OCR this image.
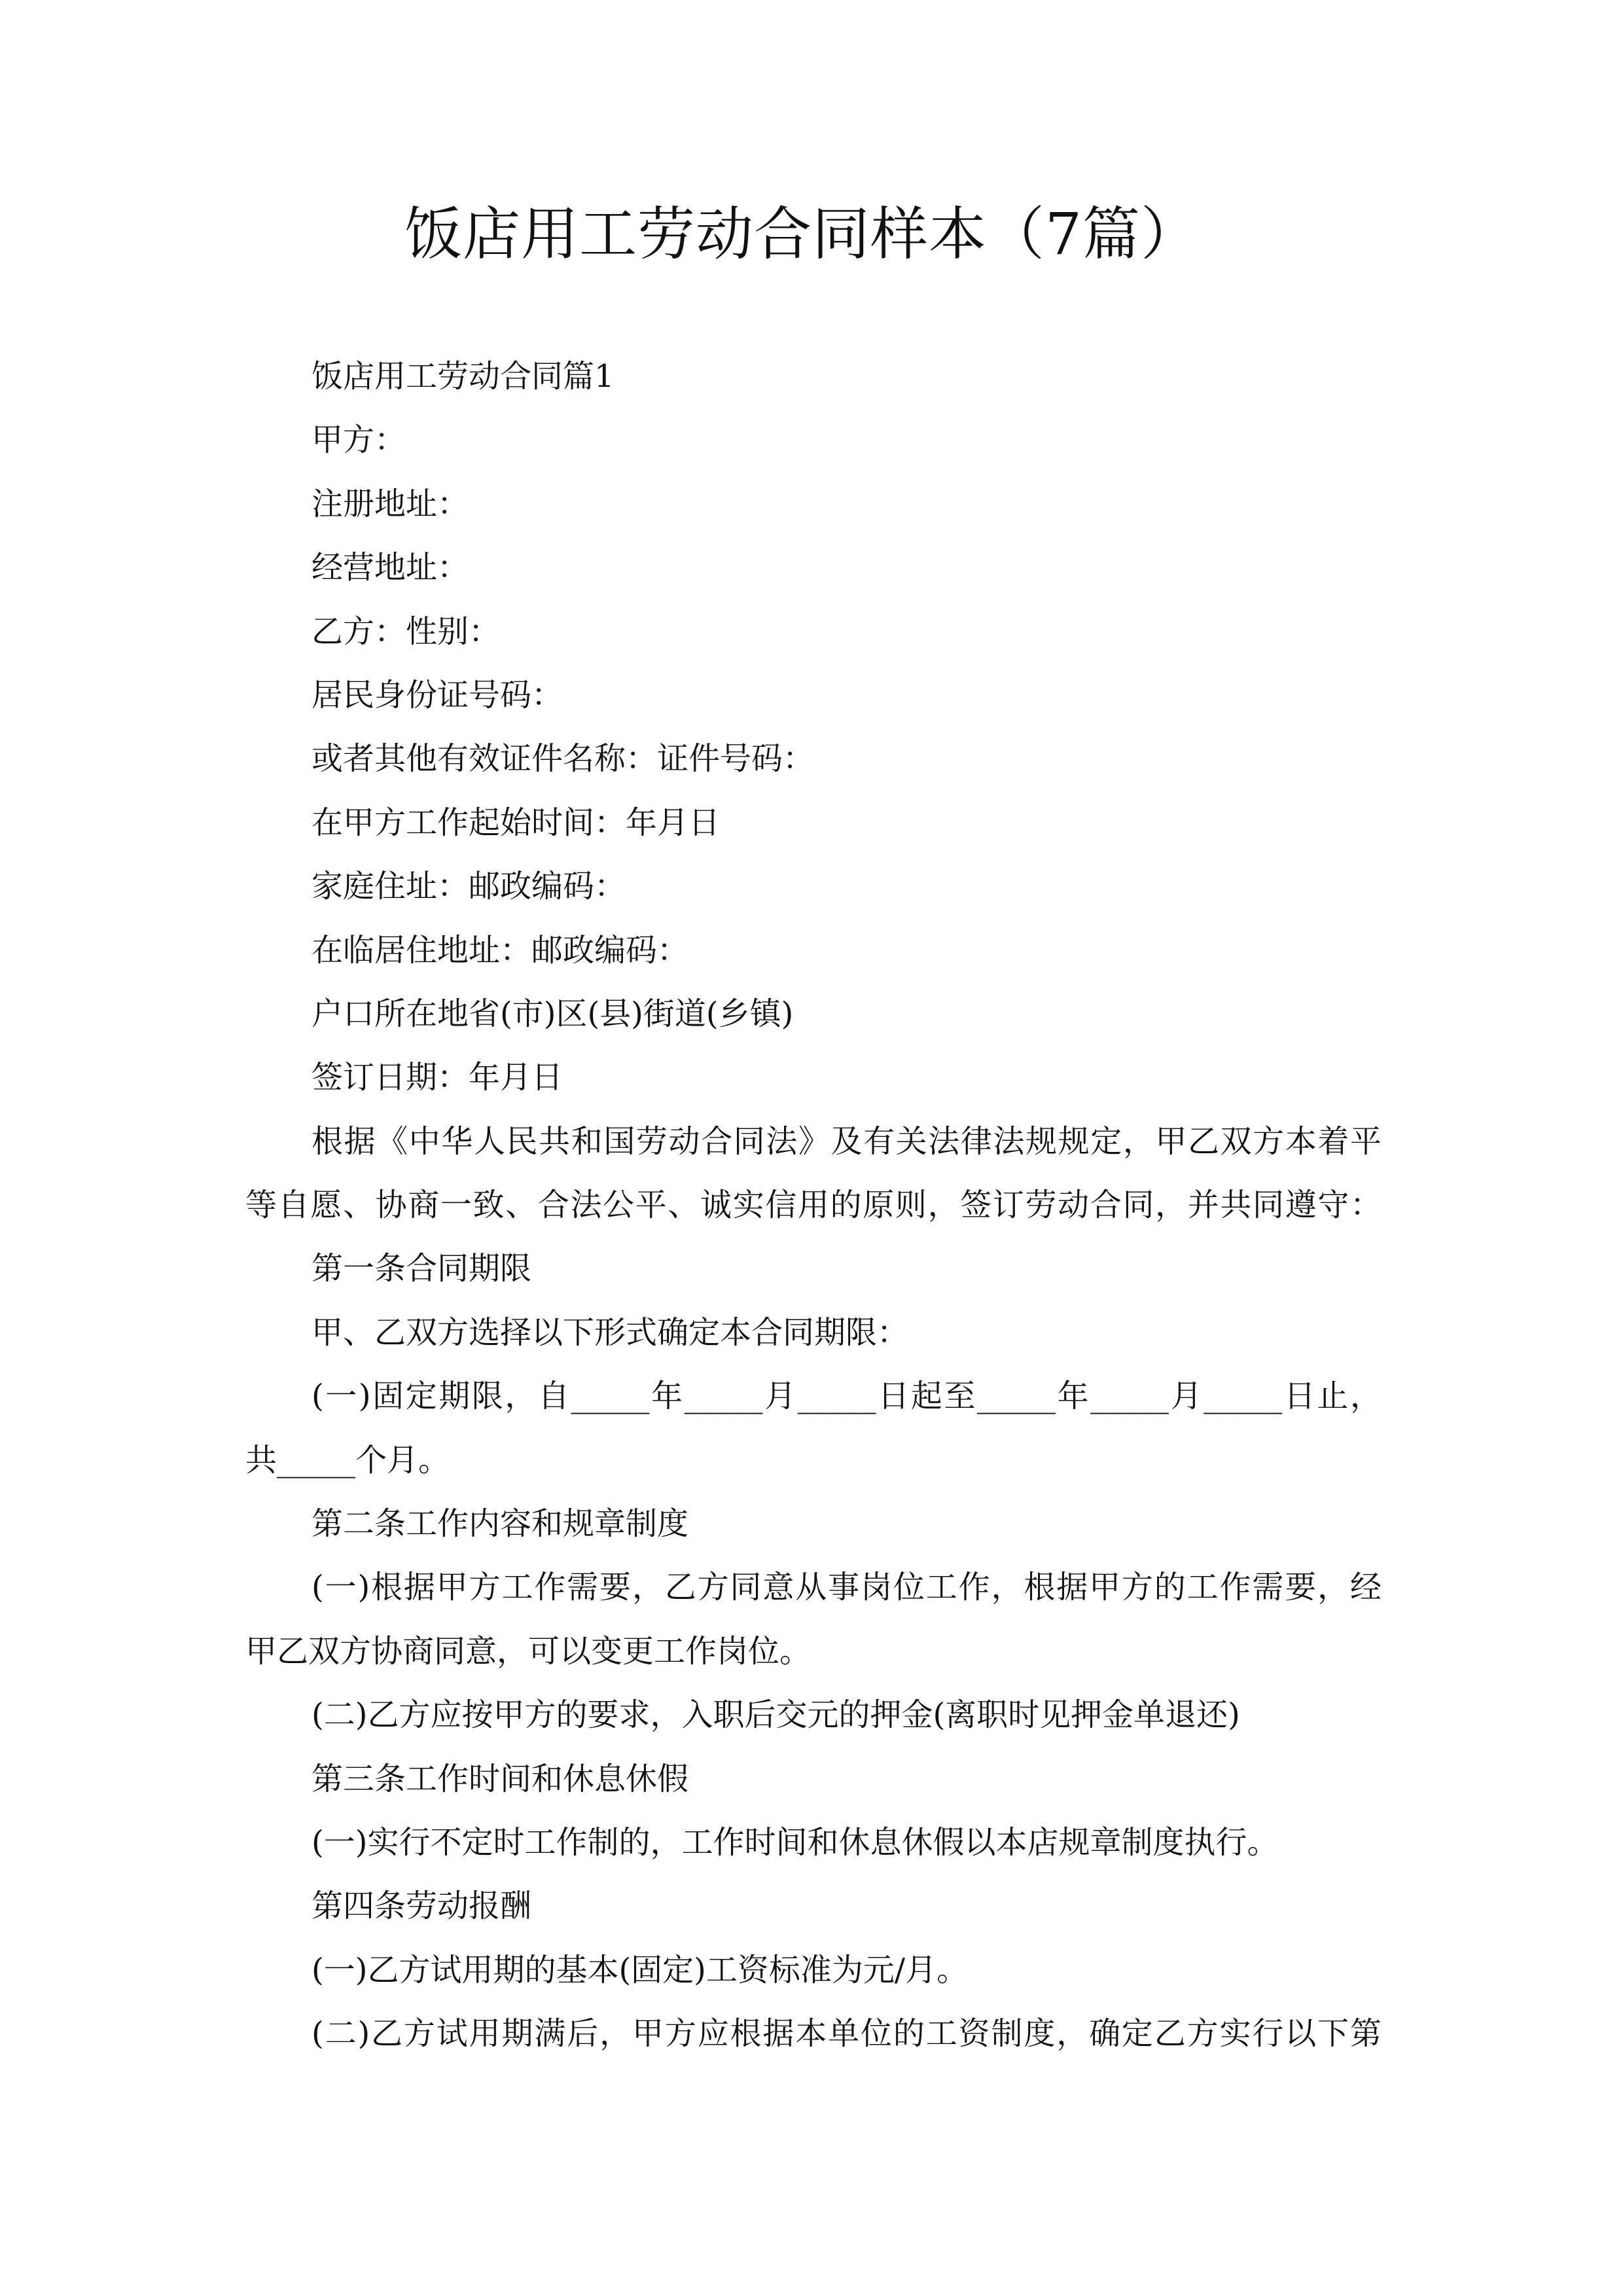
饭店用工劳动合同样本（7篇）
饭店用工劳动合同篇1
甲方：
注册地址：
经营地址：
乙方：性别：
居民身份证号码：
或者其他有效证件名称：证件号码：
在甲方工作起始时间：年月日
家庭住址：邮政编码：
在临居住地址：邮政编码：
户口所在地省(市)区(县)街道(乡镇)
签订日期：年月日
根据《中华人民共和国劳动合同法》及有关法律法规规定，甲乙双方本着平
等自愿、协商一致、合法公平、诚实信用的原则，签订劳动合同，并共同遵守：
第一条合同期限
甲、乙双方选择以下形式确定本合同期限：
(一)固定期限，自_____年_____月_____日起至_____年_____月_____日止，
共_____个月。
第二条工作内容和规章制度
(一)根据甲方工作需要，乙方同意从事岗位工作，根据甲方的工作需要，经
甲乙双方协商同意，可以变更工作岗位。
(二)乙方应按甲方的要求，入职后交元的押金(离职时见押金单退还)
第三条工作时间和休息休假
(一)实行不定时工作制的，工作时间和休息休假以本店规章制度执行。
第四条劳动报酬
(一)乙方试用期的基本(固定)工资标准为元/月。
(二)乙方试用期满后，甲方应根据本单位的工资制度，确定乙方实行以下第
